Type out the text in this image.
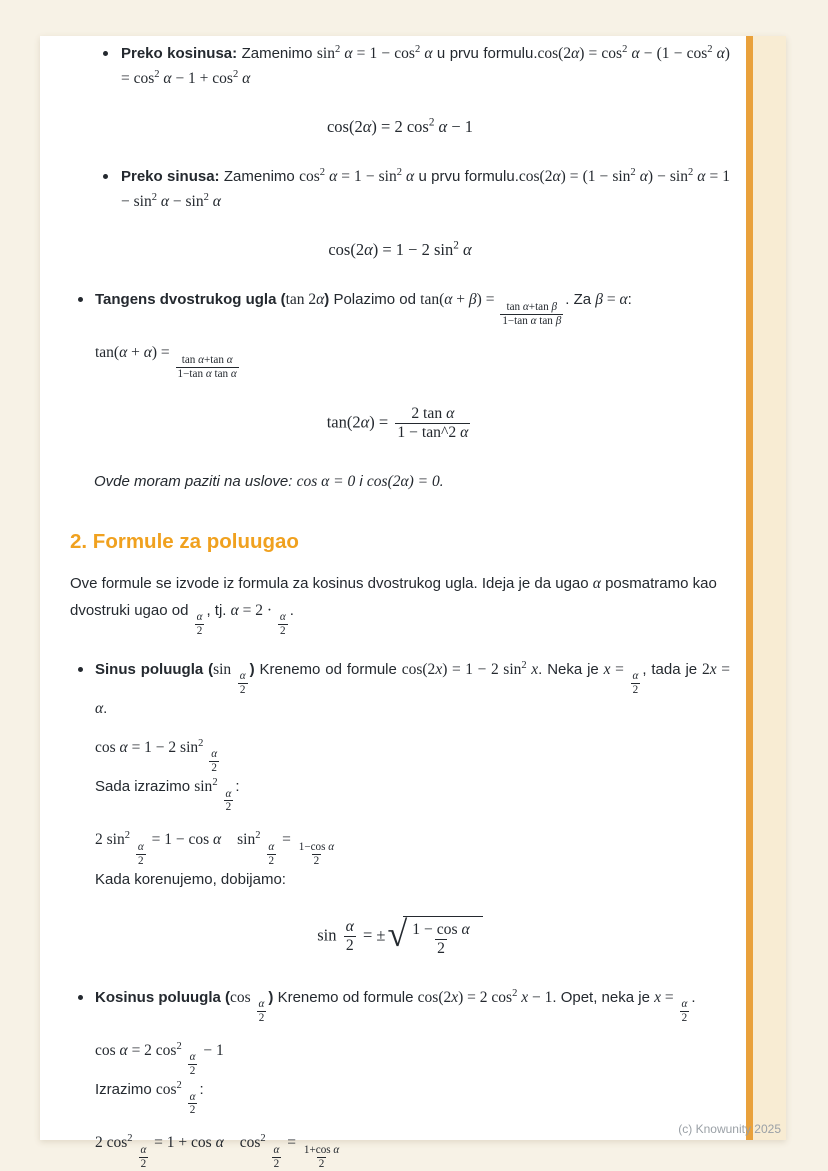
Preko kosinusa: Zamenimo $\sin^2 \alpha = 1 - \cos^2 \alpha$ u prvu formulu.cos(2α) = $\cos^2 \alpha - (1 - \cos^2 \alpha) = \cos^2 \alpha - 1 + \cos^2 \alpha$

cos(2α) = 2 $\cos^2 \alpha - 1$

Preko sinusa: Zamenimo $\cos^2 \alpha = 1 - \sin^2 \alpha$ u prvu formulu.cos(2α) = $(1 - \sin^2 \alpha) - \sin^2 \alpha = 1 - \sin^2 \alpha - \sin^2 \alpha$

cos(2α) = 1 − 2 $\sin^2 \alpha$

Tangens dvostrukog ugla (tan 2α) Polazimo od tan(α + β) =
$\frac{\text{tan α+tan β}}{\text{1−tan α tan β}}$
. Za β = α:

tan(α + α) =
$\frac{\text{tan α+tan α}}{\text{1−tan α tan α}}$

$\tan(2\alpha) = \frac{\text{2 tan α}}{1 - \tan\^{}2 \alpha}$

Ovde moram paziti na uslove: cos α = 0 i cos(2α) = 0.

2. Formule za poluugao

Ove formule se izvode iz formula za kosinus dvostrukog ugla. Ideja je da ugao α posmatramo kao dvostruki ugao od
$\frac{\alpha}{2}$
, tj. α = 2 ·
$\frac{\alpha}{2}$
.

Sinus poluugla (sin
$\frac{\alpha}{2}$
) Krenemo od formule cos(2x) = 1 − 2 $\sin^2 x$. Neka je x =
$\frac{\alpha}{2}$
, tada je 2x = α.

cos α = 1 − 2 $\sin^2$
$\frac{\alpha}{2}$

Sada izrazimo $\sin^2$
$\frac{\alpha}{2}$
:

2 $\sin^2$
$\frac{\alpha}{2}$
= 1 − cos α $\sin^2$
$\frac{\alpha}{2}$
=
$\frac{\text{1−cos α}}{2}$

Kada korenujemo, dobijamo:

$\sin \frac{\alpha}{2}$ = ± √ $\frac{\text{1 − cos α}}{2}$

Kosinus poluugla (cos
$\frac{\alpha}{2}$
) Krenemo od formule cos(2x) = 2 $\cos^2 x - 1$. Opet, neka je x =
$\frac{\alpha}{2}$
.

cos α = 2 $\cos^2$
$\frac{\alpha}{2}$
− 1

Izrazimo $\cos^2$
$\frac{\alpha}{2}$
:

2 $\cos^2$
$\frac{\alpha}{2}$
= 1 + cos α $\cos^2$
$\frac{\alpha}{2}$
=
$\frac{\text{1+cos α}}{2}$

(c) Knowunity 2025
